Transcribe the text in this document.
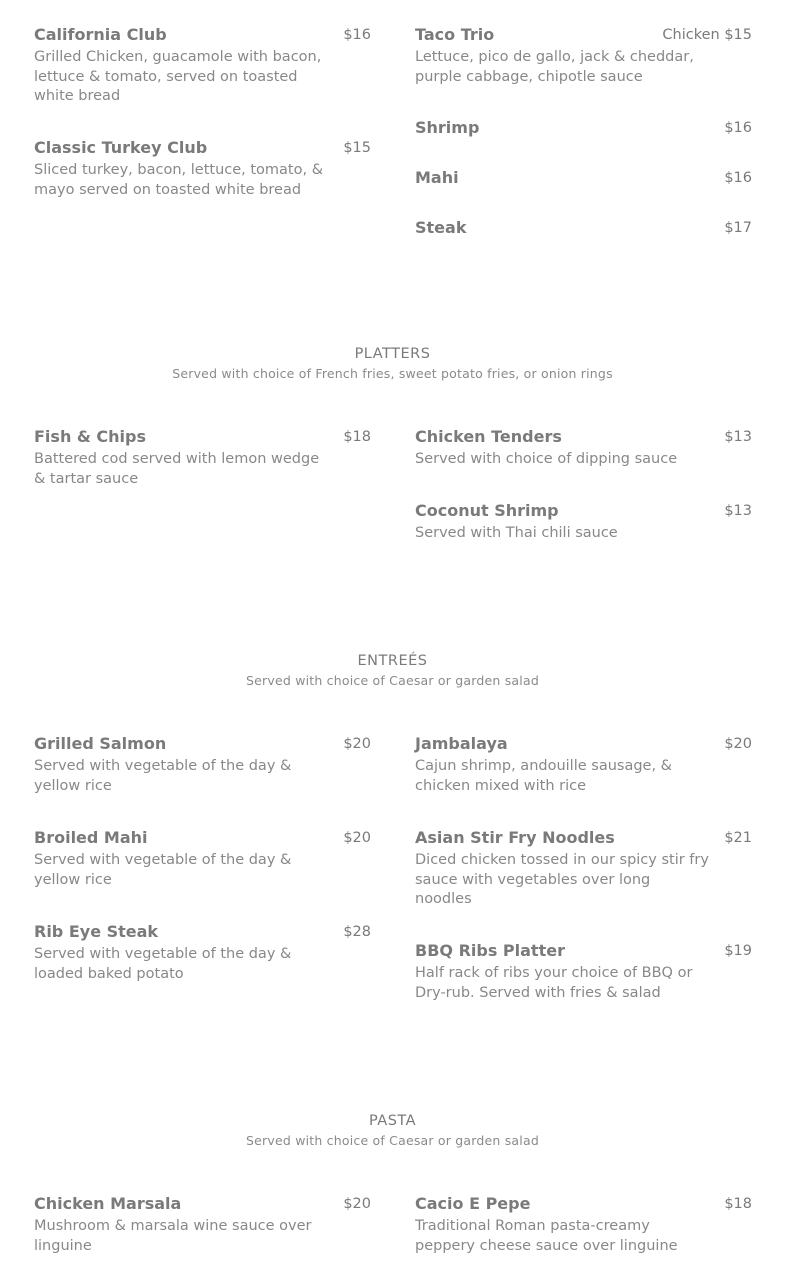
California Club	$16
Grilled Chicken, guacamole with bacon, lettuce & tomato, served on toasted white bread
Classic Turkey Club	$15
Sliced turkey, bacon, lettuce, tomato, & mayo served on toasted white bread
Taco Trio	Chicken $15
Lettuce, pico de gallo, jack & cheddar, purple cabbage, chipotle sauce
Shrimp	$16
Mahi	$16
Steak	$17
PLATTERS
Served with choice of French fries, sweet potato fries, or onion rings
Fish & Chips	$18
Battered cod served with lemon wedge & tartar sauce
Chicken Tenders	$13
Served with choice of dipping sauce
Coconut Shrimp	$13
Served with Thai chili sauce
ENTREÉS
Served with choice of Caesar or garden salad
Grilled Salmon	$20
Served with vegetable of the day & yellow rice
Broiled Mahi	$20
Served with vegetable of the day & yellow rice
Rib Eye Steak	$28
Served with vegetable of the day & loaded baked potato
Jambalaya	$20
Cajun shrimp, andouille sausage, & chicken mixed with rice
Asian Stir Fry Noodles	$21
Diced chicken tossed in our spicy stir fry sauce with vegetables over long noodles
BBQ Ribs Platter	$19
Half rack of ribs your choice of BBQ or Dry-rub. Served with fries & salad
PASTA
Served with choice of Caesar or garden salad
Chicken Marsala	$20
Mushroom & marsala wine sauce over linguine
Cacio E Pepe	$18
Traditional Roman pasta-creamy peppery cheese sauce over linguine
